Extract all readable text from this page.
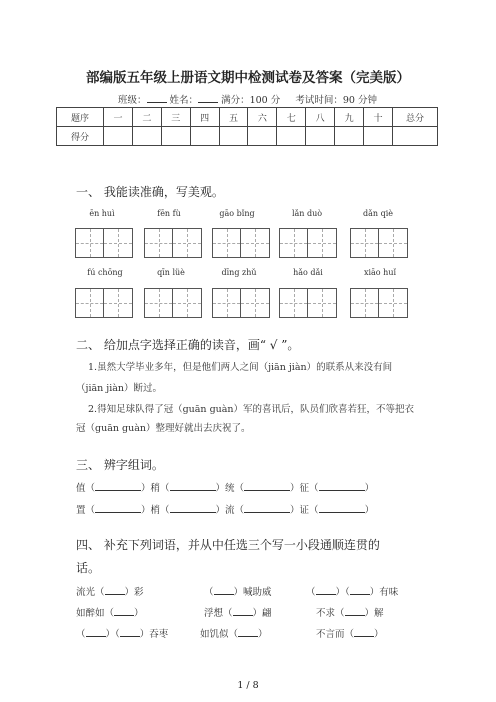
部编版五年级上册语文期中检测试卷及答案（完美版）
班级： 姓名： 满分：100 分 考试时间：90 分钟
题序	一	二	三	四	五	六	七	八	九	十	总分
得分											
一、 我能读准确，写美观。
ēn huì	fēn fù	gāo bǐng	lǎn duò	dǎn qiè
fú chōng	qīn lüè	dīng zhǔ	hǎo dǎi	xiāo huǐ
二、 给加点字选择正确的读音，画“ √ ”。
1.虽然大学毕业多年，但是他们两人之间（jiān jiàn）的联系从来没有间
（jiān jiàn）断过。
2.得知足球队得了冠（guān guàn）军的喜讯后，队员们欣喜若狂，不等把衣
冠（guān guàn）整理好就出去庆祝了。
三、 辨字组词。
值（	）稍（	）统（	）征（	）
置（	）梢（	）流（	）证（	）
四、 补充下列词语，并从中任选三个写一小段通顺连贯的
话。
流光（ ）彩	（ ）喊助威	（ ）（ ）有味
如醉如（ ）	浮想（ ）翩	不求（ ）解
（ ）（ ）吞枣	如饥似（ ）	不言而（ ）
1 / 8
